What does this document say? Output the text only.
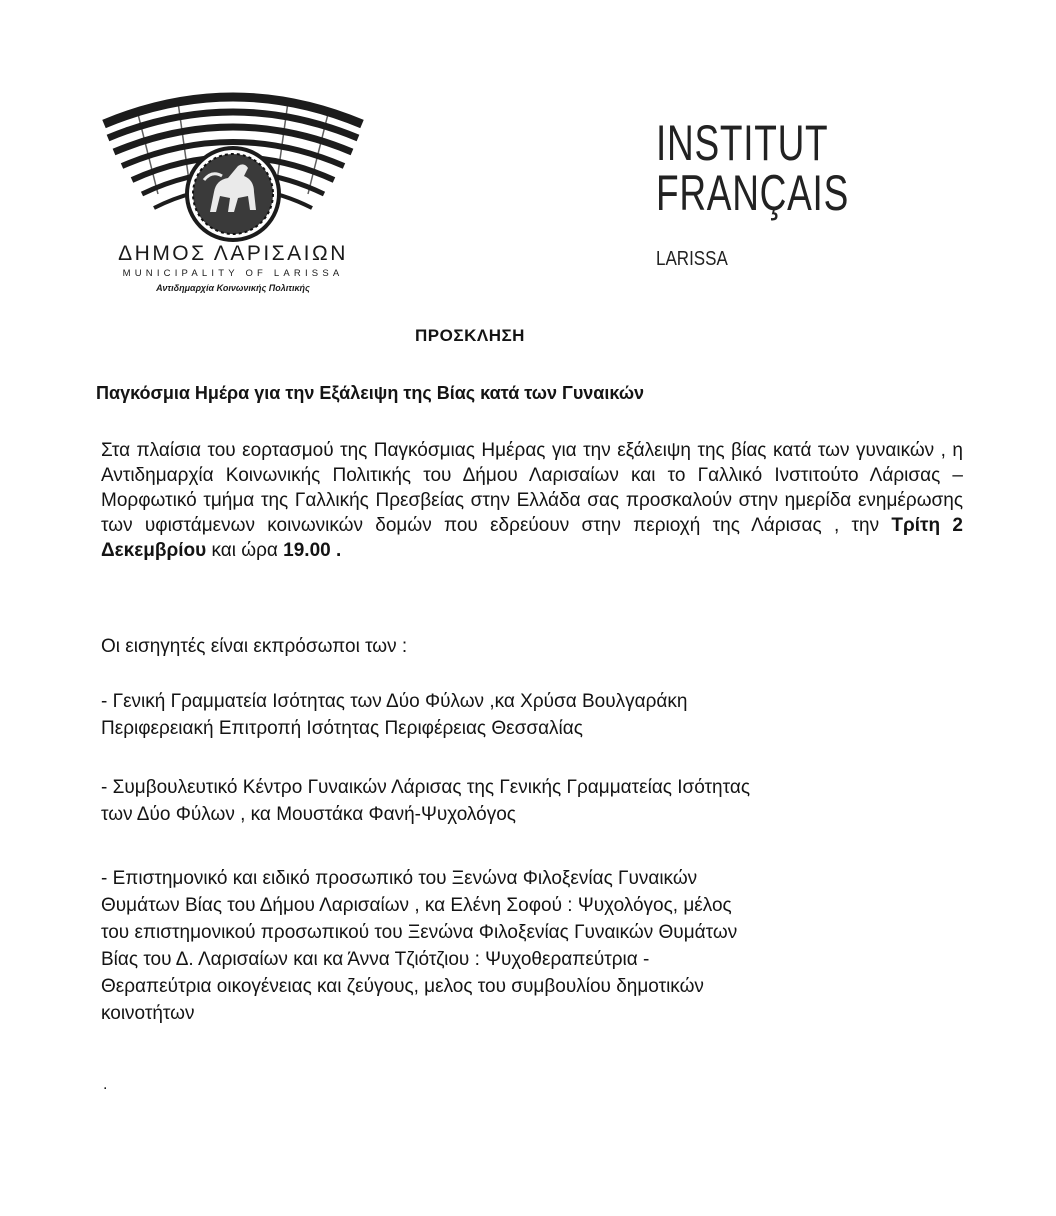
ΔΗΜΟΣ ΛΑΡΙΣΑΙΩΝ
MUNICIPALITY OF LARISSA
Αντιδημαρχία Κοινωνικής Πολιτικής
INSTITUT
FRANÇAIS
LARISSA
ΠΡΟΣΚΛΗΣΗ
Παγκόσμια Ημέρα για την Εξάλειψη της Βίας κατά των Γυναικών
Στα πλαίσια του εορτασμού της Παγκόσμιας Ημέρας για την εξάλειψη της βίας κατά των γυναικών , η Αντιδημαρχία Κοινωνικής Πολιτικής του Δήμου Λαρισαίων και το Γαλλικό Ινστιτούτο Λάρισας – Μορφωτικό τμήμα της Γαλλικής Πρεσβείας στην Ελλάδα σας προσκαλούν στην ημερίδα ενημέρωσης των υφιστάμενων κοινωνικών δομών που εδρεύουν στην περιοχή της Λάρισας , την Τρίτη 2 Δεκεμβρίου και ώρα 19.00 .
Οι εισηγητές είναι εκπρόσωποι των :
- Γενική Γραμματεία Ισότητας των Δύο Φύλων ,κα Χρύσα Βουλγαράκη
Περιφερειακή Επιτροπή Ισότητας Περιφέρειας Θεσσαλίας
- Συμβουλευτικό Κέντρο Γυναικών Λάρισας της Γενικής Γραμματείας Ισότητας
των Δύο Φύλων , κα Μουστάκα Φανή-Ψυχολόγος
- Επιστημονικό και ειδικό προσωπικό του Ξενώνα Φιλοξενίας Γυναικών
Θυμάτων Βίας του Δήμου Λαρισαίων , κα Ελένη Σοφού : Ψυχολόγος, μέλος
του επιστημονικού προσωπικού του Ξενώνα Φιλοξενίας Γυναικών Θυμάτων
Βίας του Δ. Λαρισαίων και κα Άννα Τζιότζιου : Ψυχοθεραπεύτρια -
Θεραπεύτρια οικογένειας και ζεύγους, μελος του συμβουλίου δημοτικών
κοινοτήτων
.
